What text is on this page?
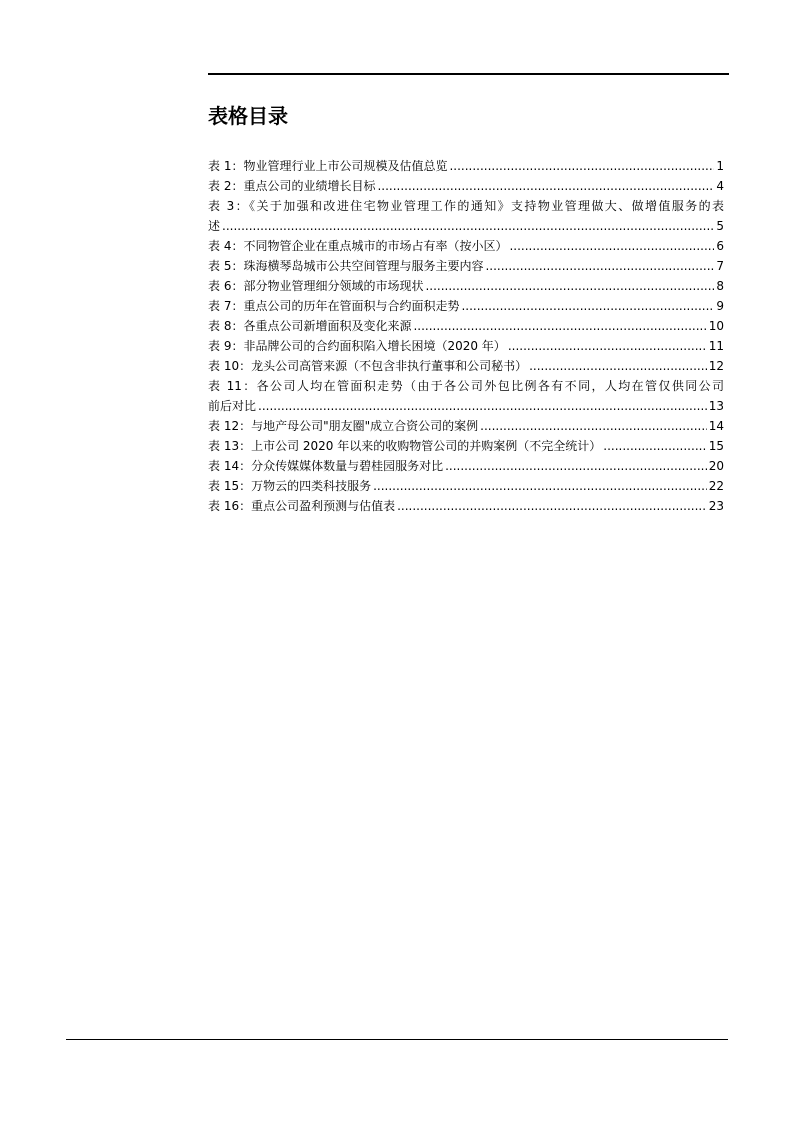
表格目录
表 1：物业管理行业上市公司规模及估值总览 .....	1
表 2：重点公司的业绩增长目标 .....	4
表 3：《关于加强和改进住宅物业管理工作的通知》支持物业管理做大、做增值服务的表
述 .....	5
表 4：不同物管企业在重点城市的市场占有率（按小区） .....	6
表 5：珠海横琴岛城市公共空间管理与服务主要内容 .....	7
表 6：部分物业管理细分领域的市场现状 .....	8
表 7：重点公司的历年在管面积与合约面积走势 .....	9
表 8：各重点公司新增面积及变化来源 .....	10
表 9：非品牌公司的合约面积陷入增长困境（2020 年） .....	11
表 10：龙头公司高管来源（不包含非执行董事和公司秘书） .....	12
表 11：各公司人均在管面积走势（由于各公司外包比例各有不同，人均在管仅供同公司
前后对比 .....	13
表 12：与地产母公司"朋友圈"成立合资公司的案例 .....	14
表 13：上市公司 2020 年以来的收购物管公司的并购案例（不完全统计） .....	15
表 14：分众传媒媒体数量与碧桂园服务对比 .....	20
表 15：万物云的四类科技服务 .....	22
表 16：重点公司盈利预测与估值表 .....	23
